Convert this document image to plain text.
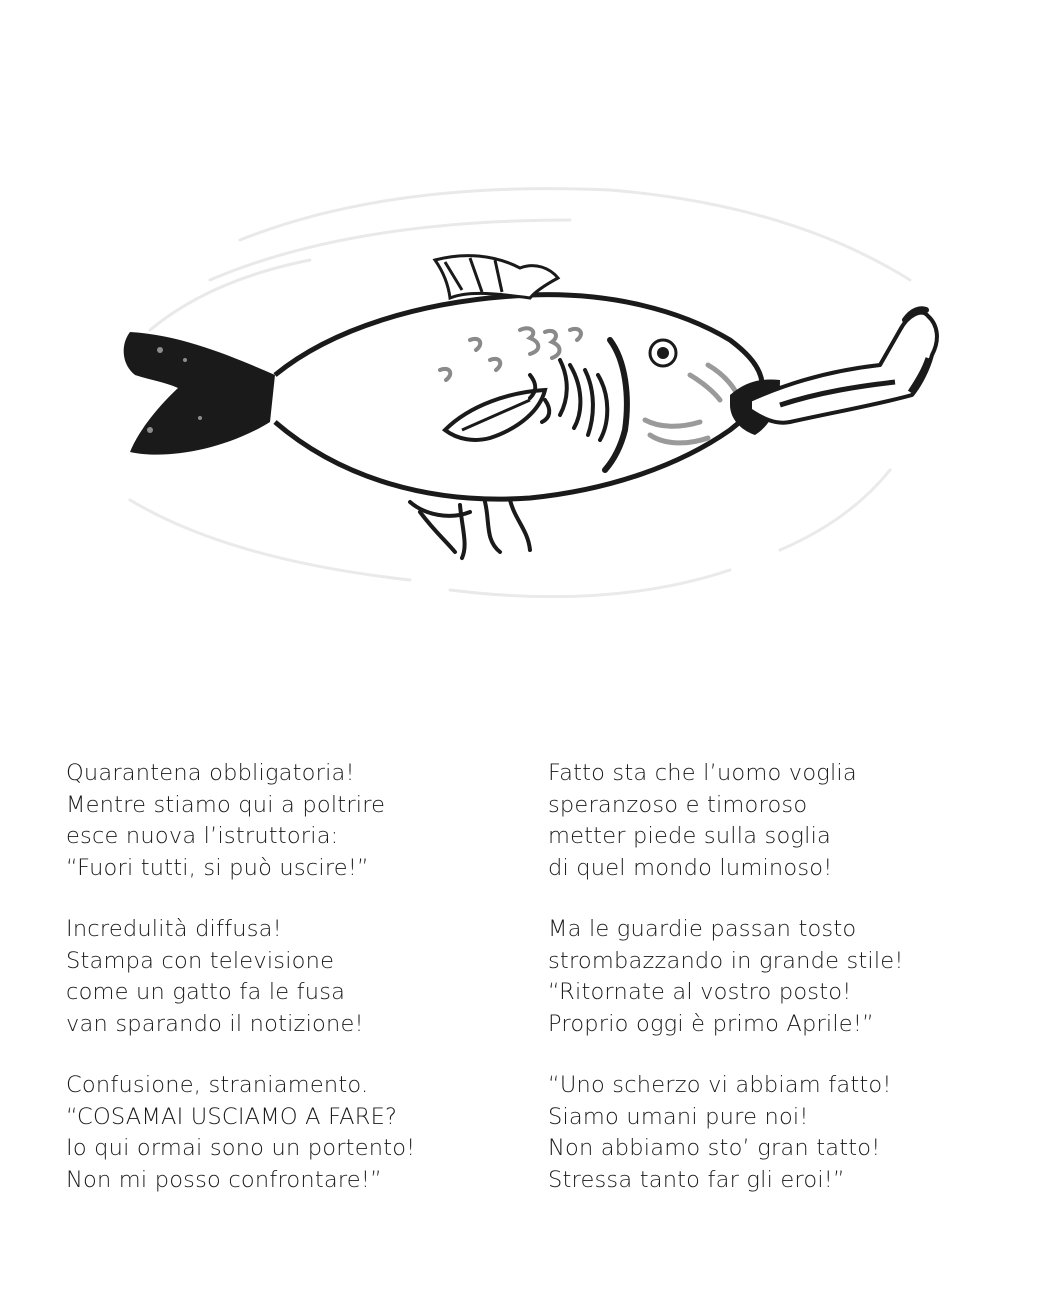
Quarantena obbligatoria!
Mentre stiamo qui a poltrire
esce nuova l’istruttoria:
“Fuori tutti, si può uscire!”

Incredulità diffusa!
Stampa con televisione
come un gatto fa le fusa
van sparando il notizione!

Confusione, straniamento.
“COSAMAI USCIAMO A FARE?
Io qui ormai sono un portento!
Non mi posso confrontare!”

Fatto sta che l’uomo voglia
speranzoso e timoroso
metter piede sulla soglia
di quel mondo luminoso!

Ma le guardie passan tosto
strombazzando in grande stile!
“Ritornate al vostro posto!
Proprio oggi è primo Aprile!”

“Uno scherzo vi abbiam fatto!
Siamo umani pure noi!
Non abbiamo sto’ gran tatto!
Stressa tanto far gli eroi!”
